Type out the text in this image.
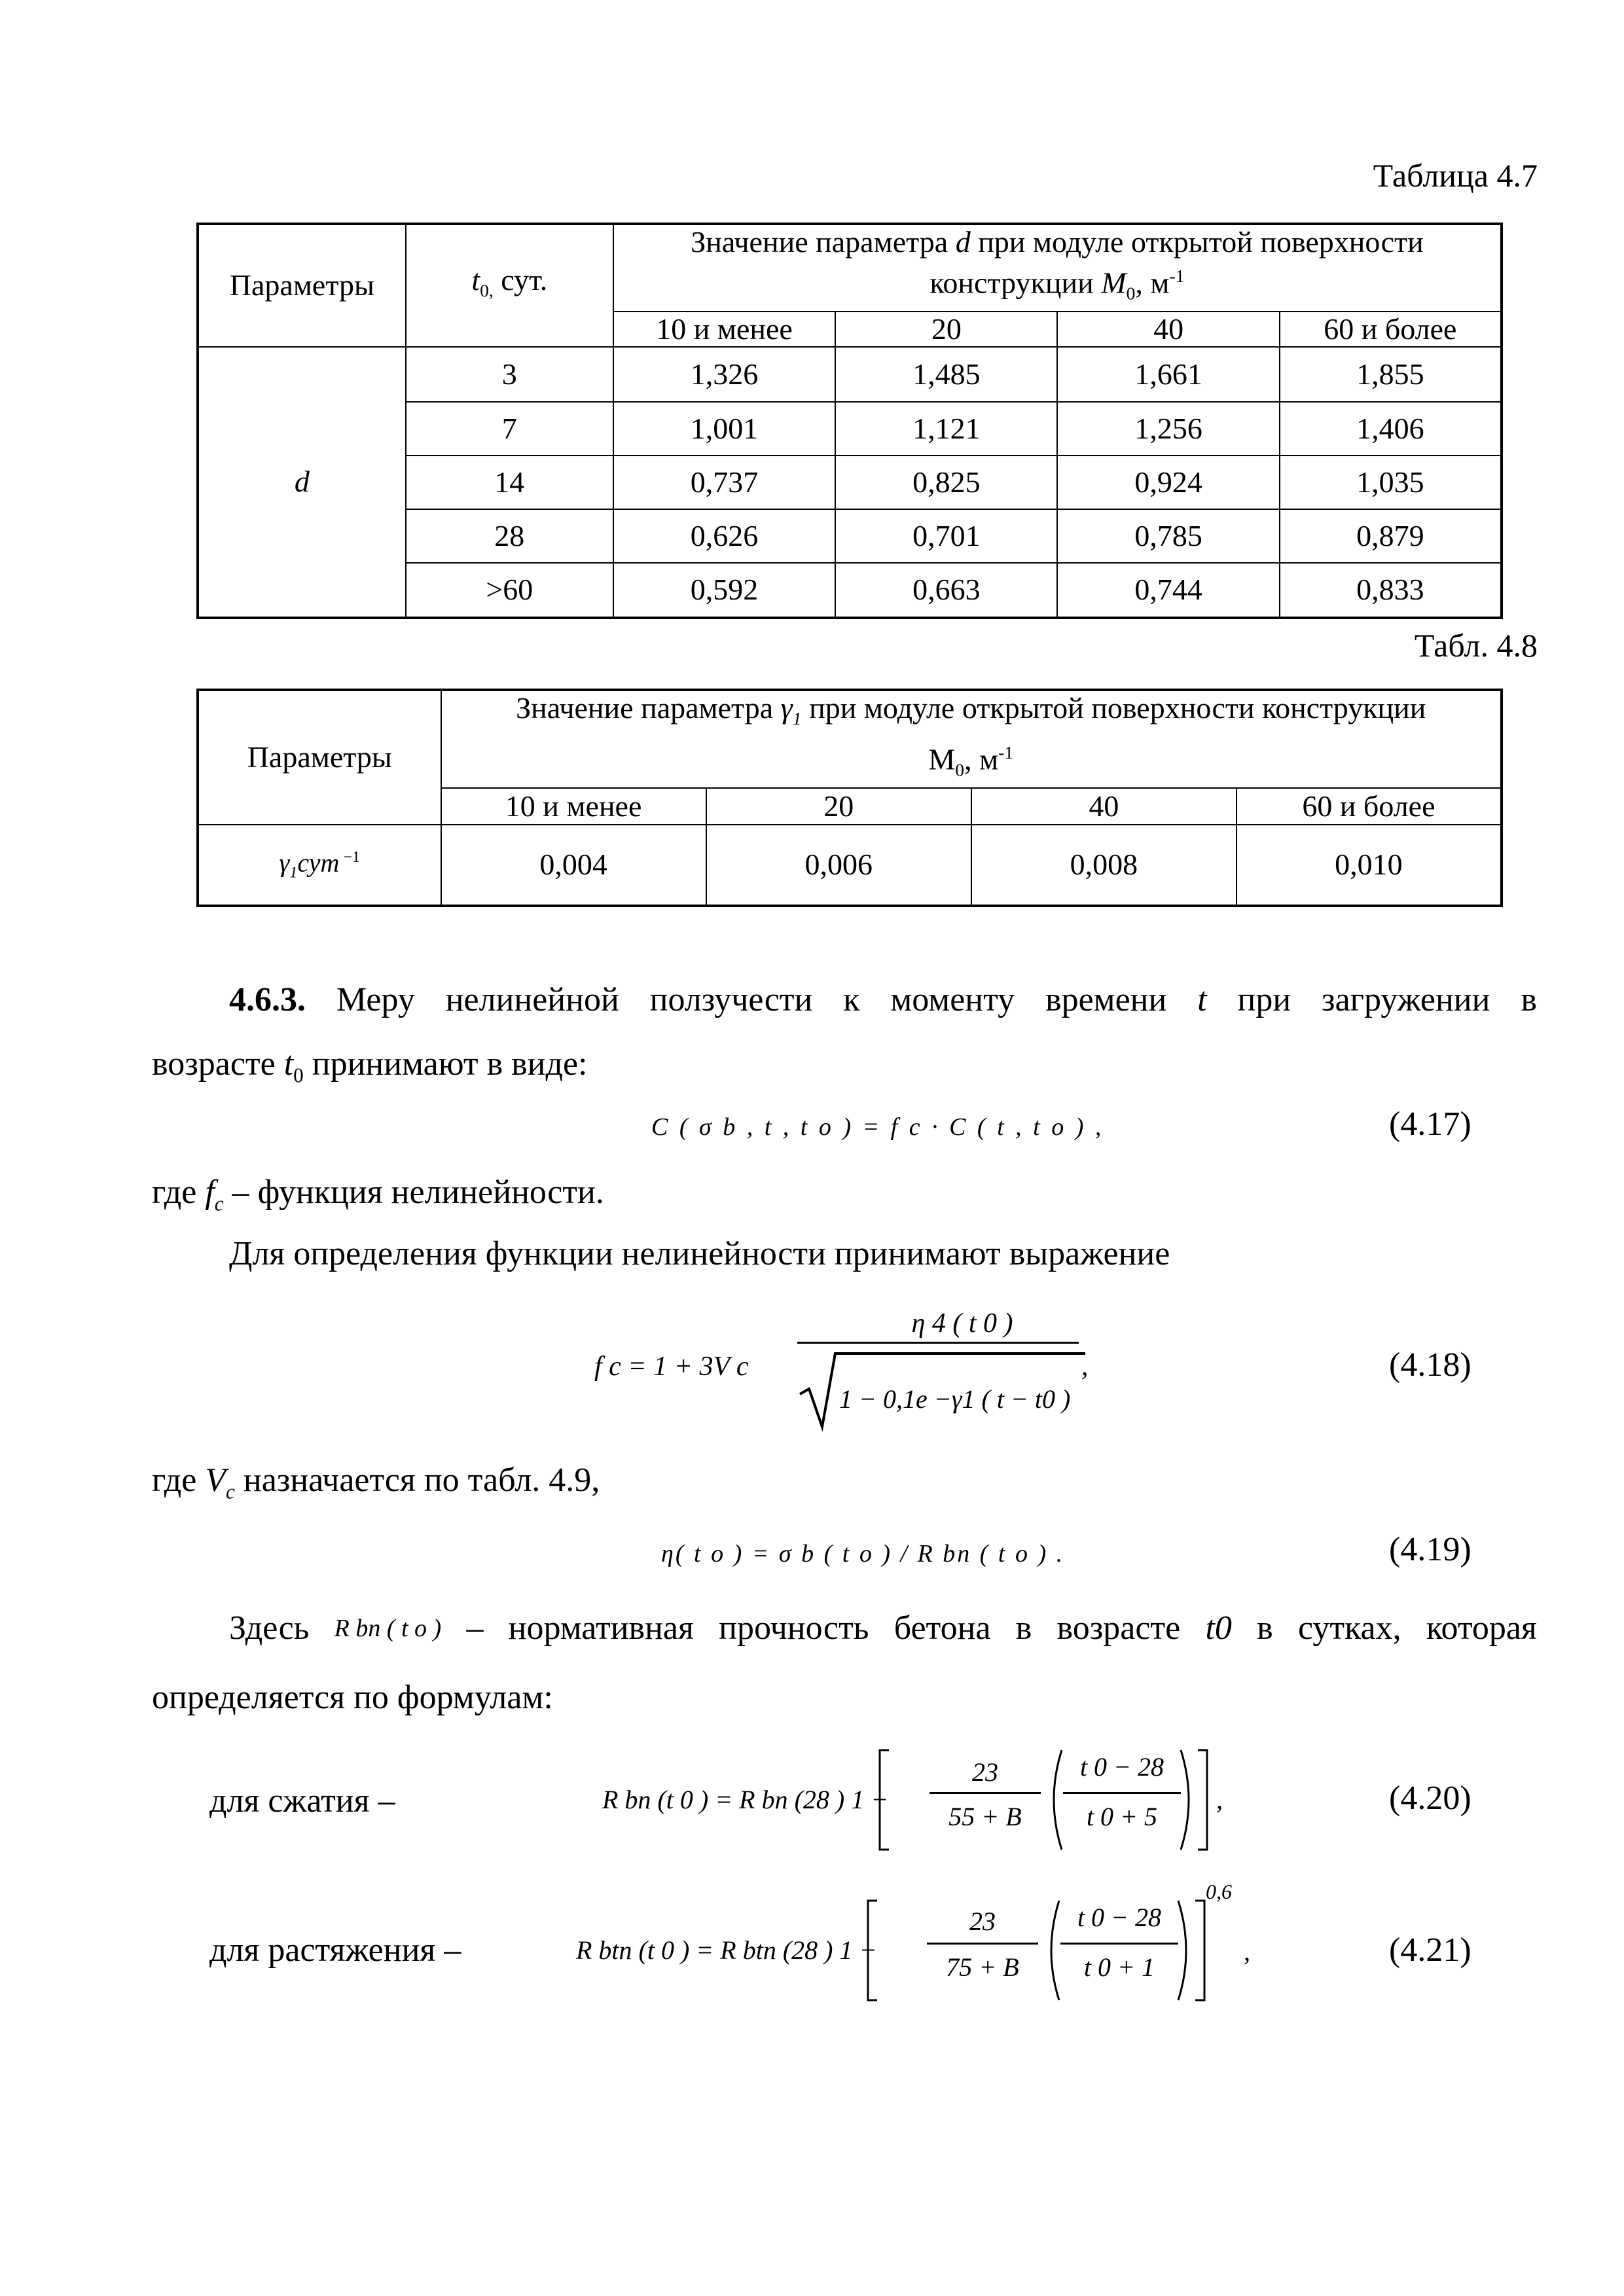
Таблица 4.7
Параметры	$t_{0,}$ сут.	Значение параметра d при модуле открытой поверхности
конструкции $M_0$, $м^{-1}$

		10 и менее	20	40	60 и более
d	3	1,326	1,485	1,661	1,855
	7	1,001	1,121	1,256	1,406
	14	0,737	0,825	0,924	1,035
	28	0,626	0,701	0,785	0,879
	>60	0,592	0,663	0,744	0,833
Табл. 4.8
Параметры	Значение параметра $\gamma_1$ при модуле открытой поверхности конструкции
$М_0$, $м^{-1}$

	10 и менее	20	40	60 и более
$\gamma_1сут$ $^{-1}$	0,004	0,006	0,008	0,010
4.6.3. Меру нелинейной ползучести к моменту времени t при загружении в
возрасте $t_0$ принимают в виде:
C ( σ b , t , t o ) = f c · C ( t , t o ) ,	(4.17)
где $f_c$ – функция нелинейности.
Для определения функции нелинейности принимают выражение
f c = 1 + 3V c
η 4 ( t 0 )
1 − 0,1e −γ1 ( t − t0 )
,	(4.18)
где $V_c$ назначается по табл. 4.9,
η( t o ) = σ b ( t o ) / R bn ( t o ) .	(4.19)
Здесь R bn ( t o ) – нормативная прочность бетона в возрасте t0 в сутках, которая
определяется по формулам:
для сжатия –	R bn (t 0 ) = R bn (28 ) 1 +
23
55 + B
t 0 − 28
t 0 + 5
,	(4.20)
для растяжения –	R btn (t 0 ) = R btn (28 ) 1 +
23
75 + B
t 0 − 28
t 0 + 1
0,6
,	(4.21)
